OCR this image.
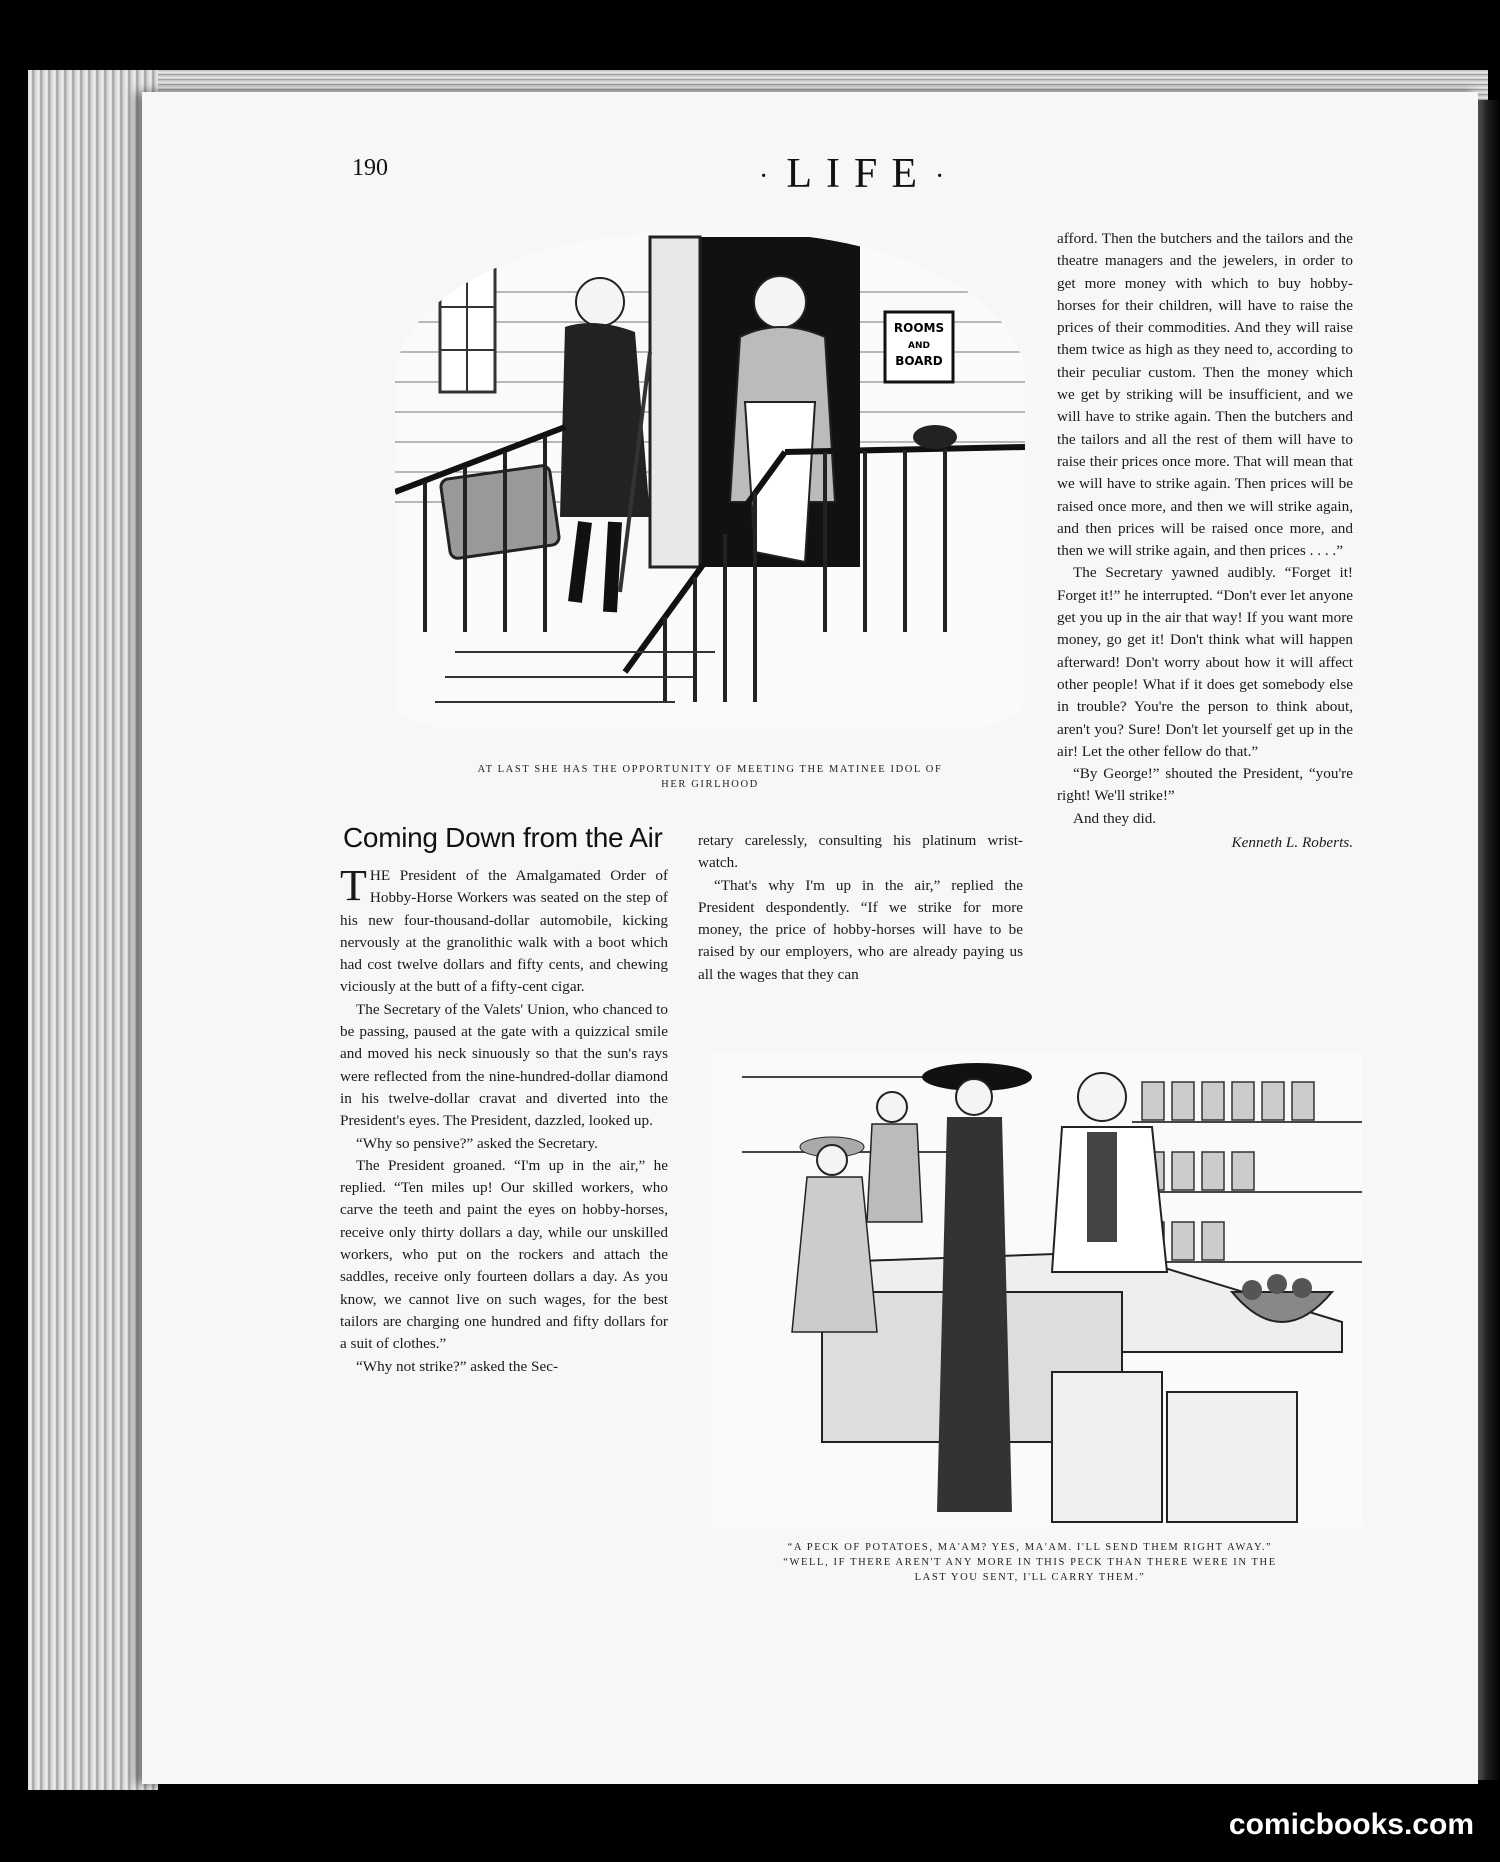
190	·LIFE ·
ROOMS
AND
BOARD
AT LAST SHE HAS THE OPPORTUNITY OF MEETING THE MATINEE IDOL OF
HER GIRLHOOD
Coming Down from the Air

THE President of the Amalgamated Order of Hobby-Horse Workers was seated on the step of his new four-thousand-dollar automobile, kicking nervously at the granolithic walk with a boot which had cost twelve dollars and fifty cents, and chewing viciously at the butt of a fifty-cent cigar.

The Secretary of the Valets' Union, who chanced to be passing, paused at the gate with a quizzical smile and moved his neck sinuously so that the sun's rays were reflected from the nine-hundred-dollar diamond in his twelve-dollar cravat and diverted into the President's eyes. The President, dazzled, looked up.

“Why so pensive?” asked the Secretary.

The President groaned. “I'm up in the air,” he replied. “Ten miles up! Our skilled workers, who carve the teeth and paint the eyes on hobby-horses, receive only thirty dollars a day, while our unskilled workers, who put on the rockers and attach the saddles, receive only fourteen dollars a day. As you know, we cannot live on such wages, for the best tailors are charging one hundred and fifty dollars for a suit of clothes.”

“Why not strike?” asked the Sec-

retary carelessly, consulting his platinum wrist-watch.

“That's why I'm up in the air,” replied the President despondently. “If we strike for more money, the price of hobby-horses will have to be raised by our employers, who are already paying us all the wages that they can

afford. Then the butchers and the tailors and the theatre managers and the jewelers, in order to get more money with which to buy hobby-horses for their children, will have to raise the prices of their commodities. And they will raise them twice as high as they need to, according to their peculiar custom. Then the money which we get by striking will be insufficient, and we will have to strike again. Then the butchers and the tailors and all the rest of them will have to raise their prices once more. That will mean that we will have to strike again. Then prices will be raised once more, and then we will strike again, and then prices will be raised once more, and then we will strike again, and then prices . . . .”

The Secretary yawned audibly. “Forget it! Forget it!” he interrupted. “Don't ever let anyone get you up in the air that way! If you want more money, go get it! Don't think what will happen afterward! Don't worry about how it will affect other people! What if it does get somebody else in trouble? You're the person to think about, aren't you? Sure! Don't let yourself get up in the air! Let the other fellow do that.”

“By George!” shouted the President, “you're right! We'll strike!”

And they did.

Kenneth L. Roberts.
“A PECK OF POTATOES, MA'AM? YES, MA'AM. I'LL SEND THEM RIGHT AWAY.”
“WELL, IF THERE AREN'T ANY MORE IN THIS PECK THAN THERE WERE IN THE
LAST YOU SENT, I'LL CARRY THEM.”
comicbooks.com
